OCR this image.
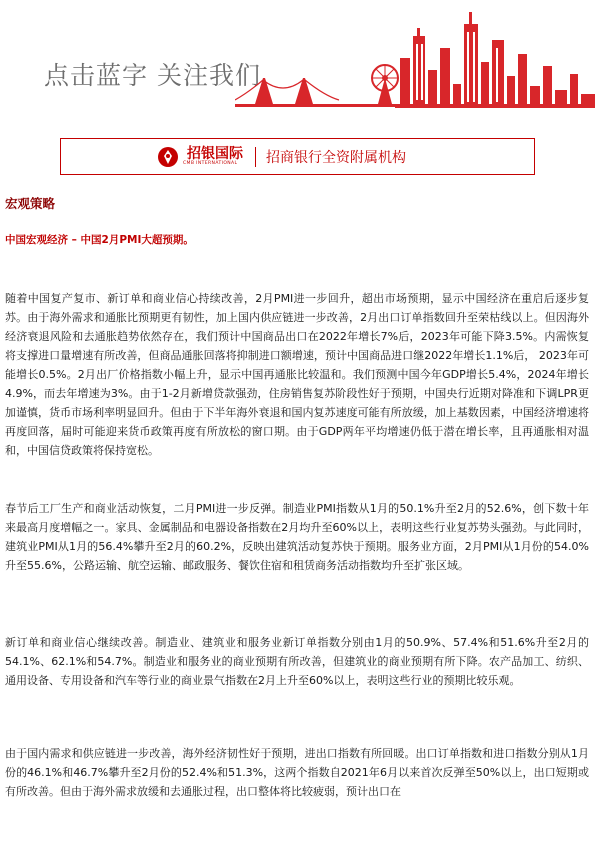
点击蓝字 关注我们
招银国际
CMB INTERNATIONAL	招商银行全资附属机构
宏观策略
中国宏观经济 – 中国2月PMI大超预期。
随着中国复产复市、新订单和商业信心持续改善，2月PMI进一步回升，超出市场预期，显示中国经济在重启后逐步复苏。由于海外需求和通胀比预期更有韧性，加上国内供应链进一步改善，2月出口订单指数回升至荣枯线以上。但因海外经济衰退风险和去通胀趋势依然存在，我们预计中国商品出口在2022年增长7%后，2023年可能下降3.5%。内需恢复将支撑进口量增速有所改善，但商品通胀回落将抑制进口额增速，预计中国商品进口继2022年增长1.1%后， 2023年可能增长0.5%。2月出厂价格指数小幅上升，显示中国再通胀比较温和。我们预测中国今年GDP增长5.4%，2024年增长4.9%，而去年增速为3%。由于1-2月新增贷款强劲，住房销售复苏阶段性好于预期，中国央行近期对降准和下调LPR更加谨慎，货币市场利率明显回升。但由于下半年海外衰退和国内复苏速度可能有所放缓，加上基数因素，中国经济增速将再度回落，届时可能迎来货币政策再度有所放松的窗口期。由于GDP两年平均增速仍低于潜在增长率，且再通胀相对温和，中国信贷政策将保持宽松。
春节后工厂生产和商业活动恢复，二月PMI进一步反弹。制造业PMI指数从1月的50.1%升至2月的52.6%，创下数十年来最高月度增幅之一。家具、金属制品和电器设备指数在2月均升至60%以上，表明这些行业复苏势头强劲。与此同时，建筑业PMI从1月的56.4%攀升至2月的60.2%，反映出建筑活动复苏快于预期。服务业方面，2月PMI从1月份的54.0%升至55.6%，公路运输、航空运输、邮政服务、餐饮住宿和租赁商务活动指数均升至扩张区域。
新订单和商业信心继续改善。制造业、建筑业和服务业新订单指数分别由1月的50.9%、57.4%和51.6%升至2月的54.1%、62.1%和54.7%。制造业和服务业的商业预期有所改善，但建筑业的商业预期有所下降。农产品加工、纺织、通用设备、专用设备和汽车等行业的商业景气指数在2月上升至60%以上，表明这些行业的预期比较乐观。
由于国内需求和供应链进一步改善，海外经济韧性好于预期，进出口指数有所回暖。出口订单指数和进口指数分别从1月份的46.1%和46.7%攀升至2月份的52.4%和51.3%，这两个指数自2021年6月以来首次反弹至50%以上，出口短期或有所改善。但由于海外需求放缓和去通胀过程，出口整体将比较疲弱，预计出口在
